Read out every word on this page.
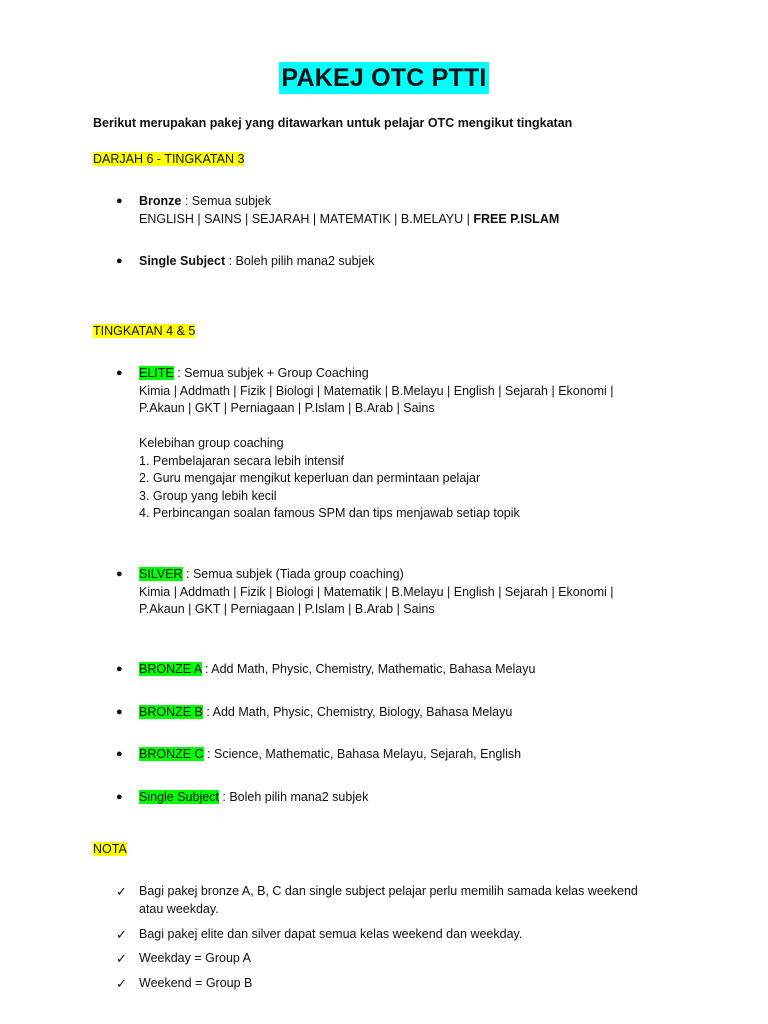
PAKEJ OTC PTTI
Berikut merupakan pakej yang ditawarkan untuk pelajar OTC mengikut tingkatan
DARJAH 6 - TINGKATAN 3
●	Bronze : Semua subjek
ENGLISH | SAINS | SEJARAH | MATEMATIK | B.MELAYU | FREE P.ISLAM
●	Single Subject : Boleh pilih mana2 subjek
TINGKATAN 4 & 5
●	ELITE : Semua subjek + Group Coaching
Kimia | Addmath | Fizik | Biologi | Matematik | B.Melayu | English | Sejarah | Ekonomi |
P.Akaun | GKT | Perniagaan | P.Islam | B.Arab | Sains
Kelebihan group coaching
1. Pembelajaran secara lebih intensif
2. Guru mengajar mengikut keperluan dan permintaan pelajar
3. Group yang lebih kecil
4. Perbincangan soalan famous SPM dan tips menjawab setiap topik
●	SILVER : Semua subjek (Tiada group coaching)
Kimia | Addmath | Fizik | Biologi | Matematik | B.Melayu | English | Sejarah | Ekonomi |
P.Akaun | GKT | Perniagaan | P.Islam | B.Arab | Sains
●	BRONZE A : Add Math, Physic, Chemistry, Mathematic, Bahasa Melayu
●	BRONZE B : Add Math, Physic, Chemistry, Biology, Bahasa Melayu
●	BRONZE C : Science, Mathematic, Bahasa Melayu, Sejarah, English
●	Single Subject : Boleh pilih mana2 subjek
NOTA
✓ Bagi pakej bronze A, B, C dan single subject pelajar perlu memilih samada kelas weekend
atau weekday.
✓ Bagi pakej elite dan silver dapat semua kelas weekend dan weekday.
✓ Weekday = Group A
✓ Weekend = Group B
